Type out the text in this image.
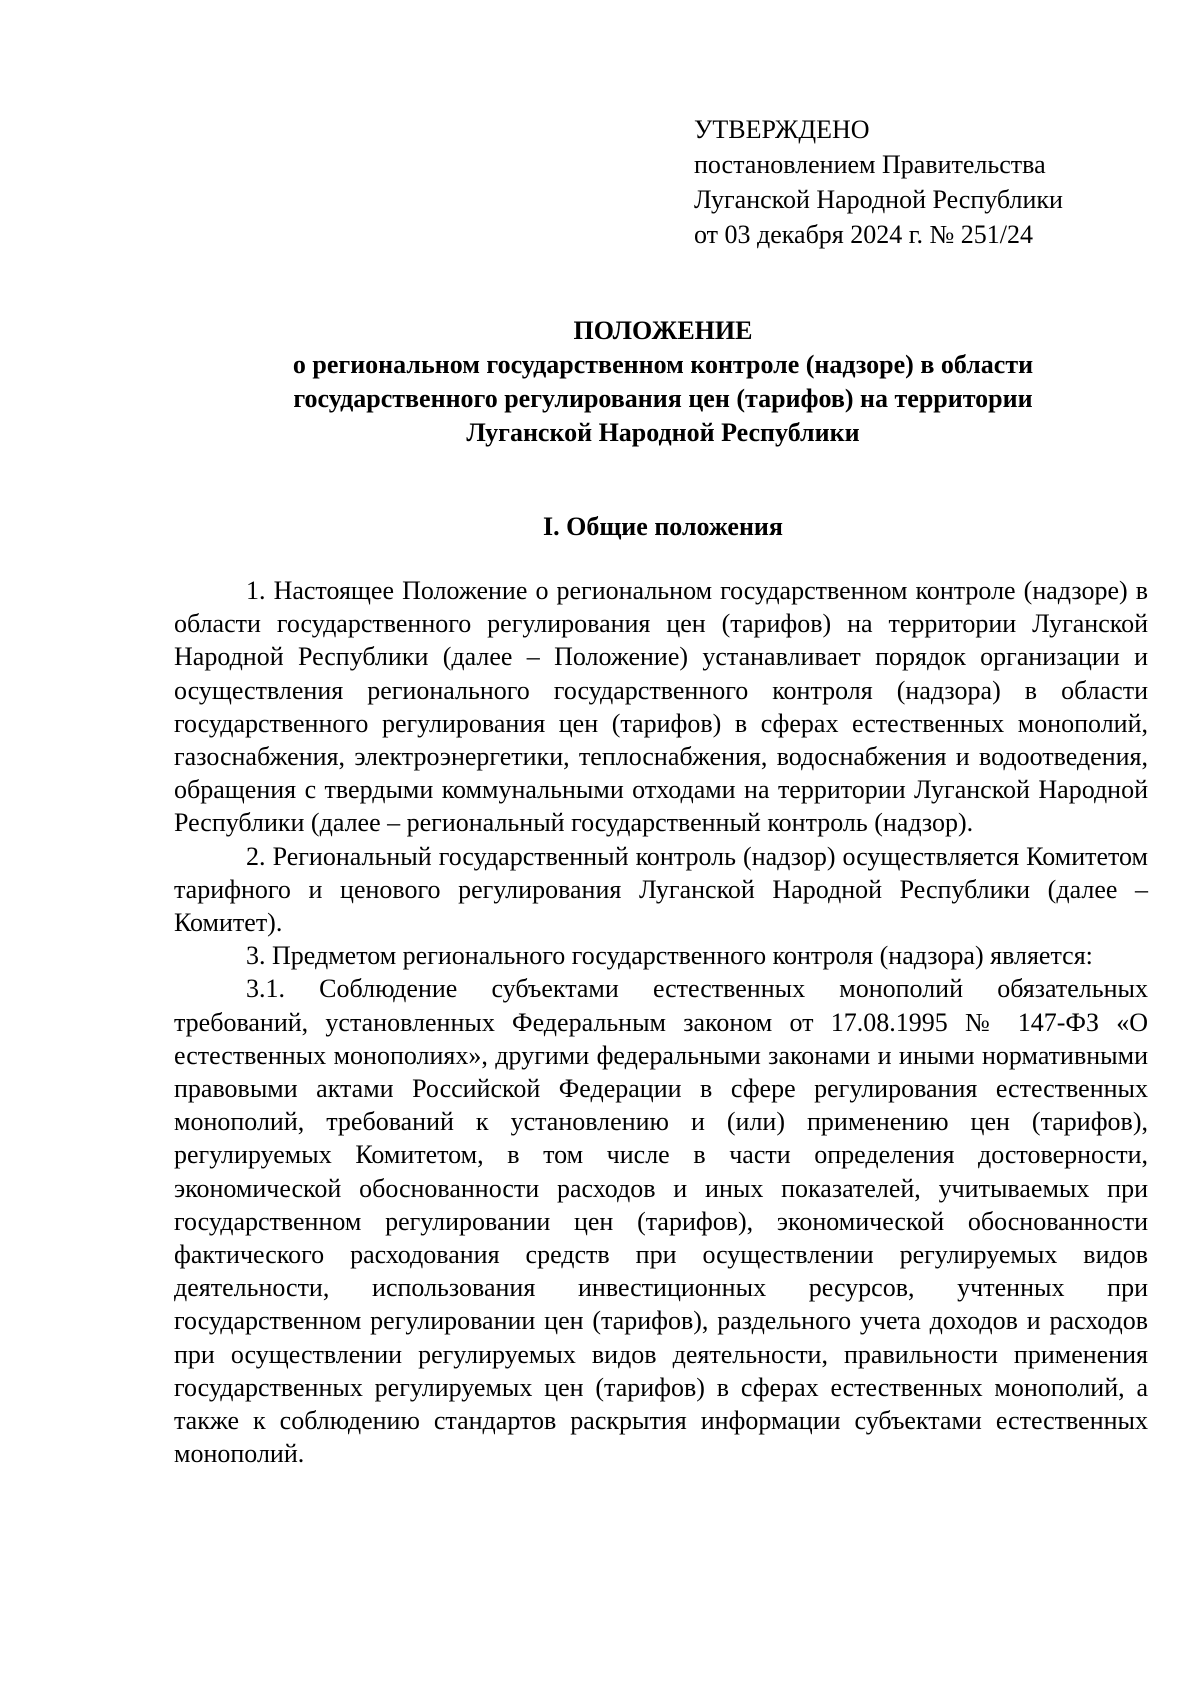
УТВЕРЖДЕНО
постановлением Правительства
Луганской Народной Республики
от 03 декабря 2024 г. № 251/24
ПОЛОЖЕНИЕ
о региональном государственном контроле (надзоре) в области
государственного регулирования цен (тарифов) на территории
Луганской Народной Республики
I. Общие положения

1. Настоящее Положение о региональном государственном контроле (надзоре) в области государственного регулирования цен (тарифов) на территории Луганской Народной Республики (далее – Положение) устанавливает порядок организации и осуществления регионального государственного контроля (надзора) в области государственного регулирования цен (тарифов) в сферах естественных монополий, газоснабжения, электроэнергетики, теплоснабжения, водоснабжения и водоотведения, обращения с твердыми коммунальными отходами на территории Луганской Народной Республики (далее – региональный государственный контроль (надзор).

2. Региональный государственный контроль (надзор) осуществляется Комитетом тарифного и ценового регулирования Луганской Народной Республики (далее – Комитет).

3. Предметом регионального государственного контроля (надзора) является:

3.1. Соблюдение субъектами естественных монополий обязательных требований, установленных Федеральным законом от 17.08.1995 № 147-ФЗ «О естественных монополиях», другими федеральными законами и иными нормативными правовыми актами Российской Федерации в сфере регулирования естественных монополий, требований к установлению и (или) применению цен (тарифов), регулируемых Комитетом, в том числе в части определения достоверности, экономической обоснованности расходов и иных показателей, учитываемых при государственном регулировании цен (тарифов), экономической обоснованности фактического расходования средств при осуществлении регулируемых видов деятельности, использования инвестиционных ресурсов, учтенных при государственном регулировании цен (тарифов), раздельного учета доходов и расходов при осуществлении регулируемых видов деятельности, правильности применения государственных регулируемых цен (тарифов) в сферах естественных монополий, а также к соблюдению стандартов раскрытия информации субъектами естественных монополий.
